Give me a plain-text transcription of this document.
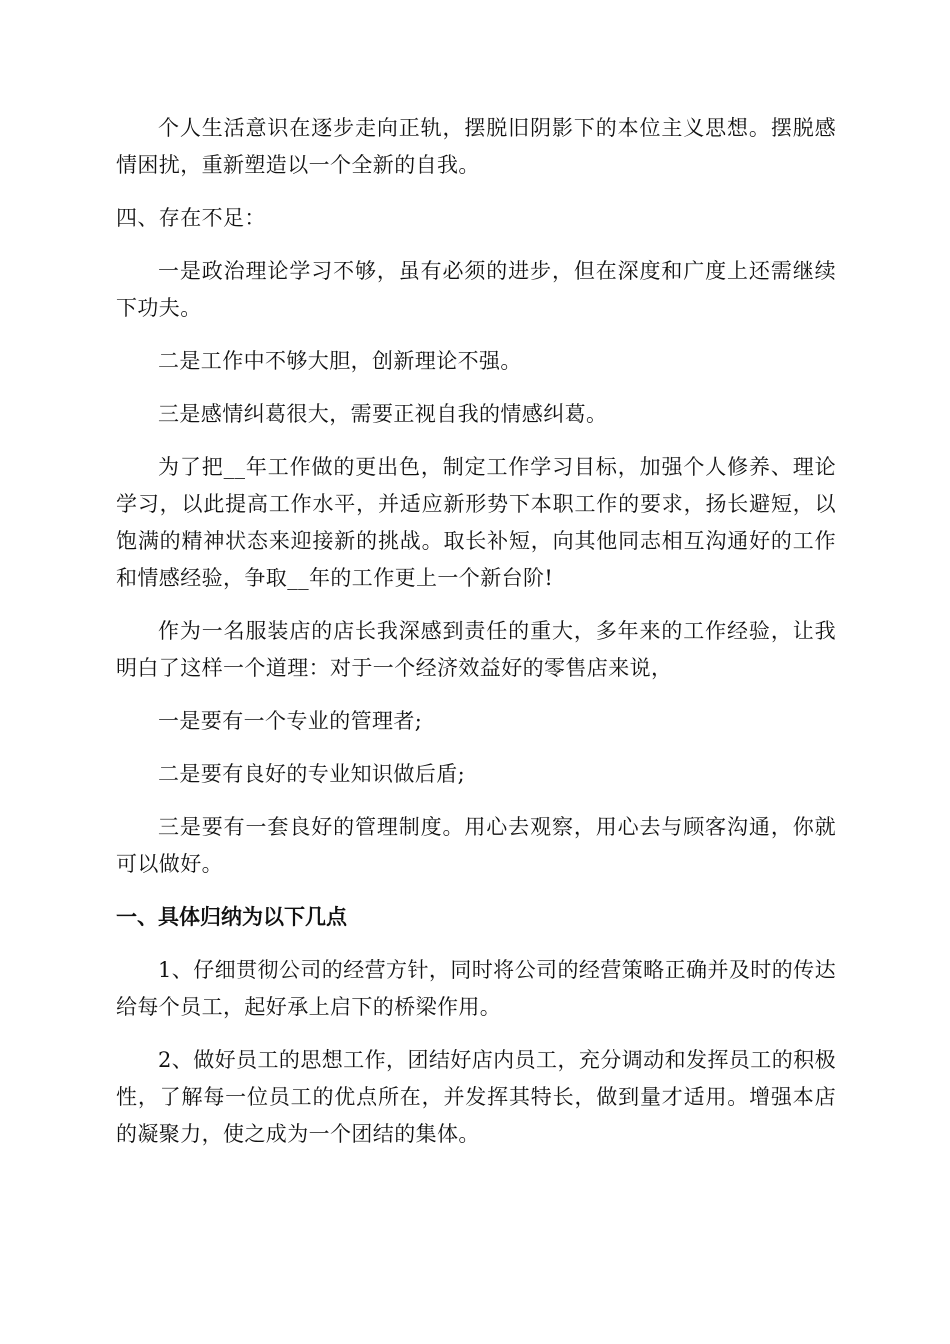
个人生活意识在逐步走向正轨，摆脱旧阴影下的本位主义思想。摆脱感情困扰，重新塑造以一个全新的自我。

四、存在不足：

一是政治理论学习不够，虽有必须的进步，但在深度和广度上还需继续下功夫。

二是工作中不够大胆，创新理论不强。

三是感情纠葛很大，需要正视自我的情感纠葛。

为了把__年工作做的更出色，制定工作学习目标，加强个人修养、理论学习，以此提高工作水平，并适应新形势下本职工作的要求，扬长避短，以饱满的精神状态来迎接新的挑战。取长补短，向其他同志相互沟通好的工作和情感经验，争取__年的工作更上一个新台阶!

作为一名服装店的店长我深感到责任的重大，多年来的工作经验，让我明白了这样一个道理：对于一个经济效益好的零售店来说，

一是要有一个专业的管理者;

二是要有良好的专业知识做后盾;

三是要有一套良好的管理制度。用心去观察，用心去与顾客沟通，你就可以做好。

一、具体归纳为以下几点

1、仔细贯彻公司的经营方针，同时将公司的经营策略正确并及时的传达给每个员工，起好承上启下的桥梁作用。

2、做好员工的思想工作，团结好店内员工，充分调动和发挥员工的积极性，了解每一位员工的优点所在，并发挥其特长，做到量才适用。增强本店的凝聚力，使之成为一个团结的集体。
